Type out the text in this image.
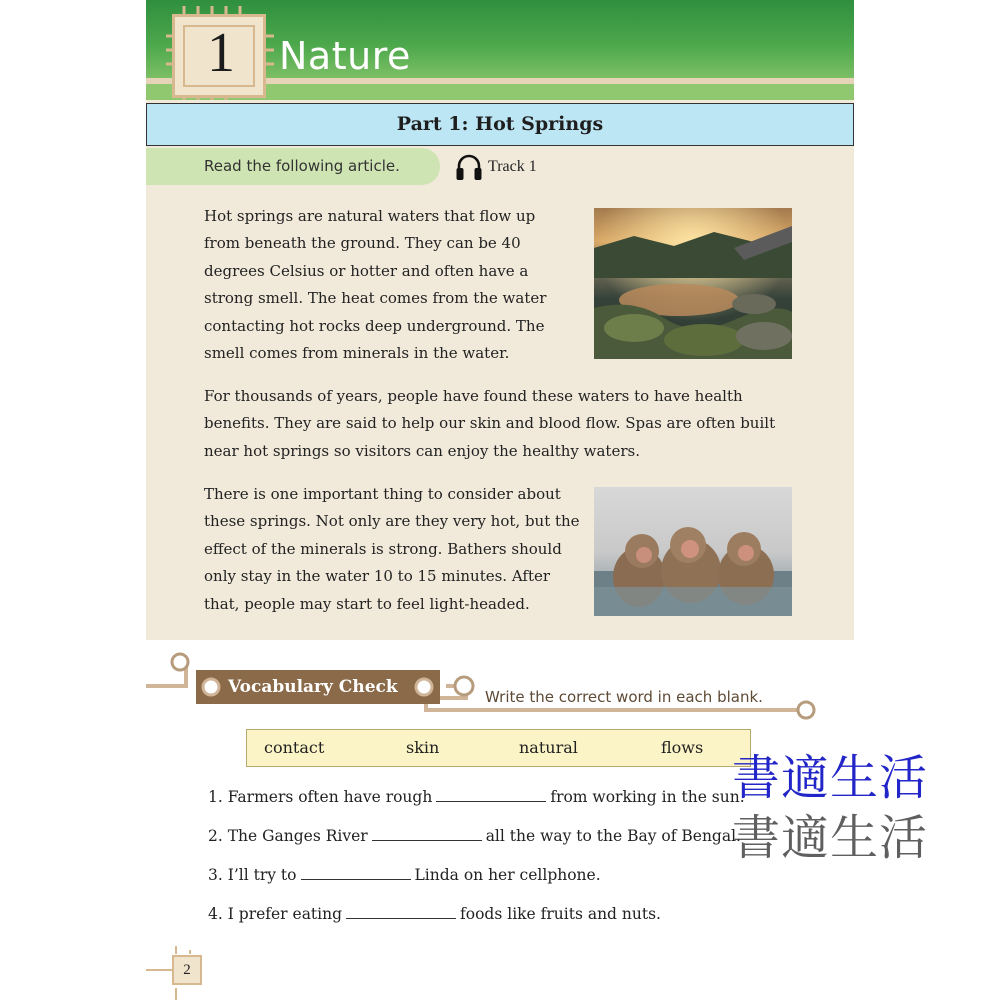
1 Nature
Part 1: Hot Springs
Read the following article.	Track 1
Hot springs are natural waters that flow up from beneath the ground. They can be 40 degrees Celsius or hotter and often have a strong smell. The heat comes from the water contacting hot rocks deep underground. The smell comes from minerals in the water.
For thousands of years, people have found these waters to have health benefits. They are said to help our skin and blood flow. Spas are often built near hot springs so visitors can enjoy the healthy waters.
There is one important thing to consider about these springs. Not only are they very hot, but the effect of the minerals is strong. Bathers should only stay in the water 10 to 15 minutes. After that, people may start to feel light-headed.
Vocabulary Check	Write the correct word in each blank.
contact	skin	natural	flows
1. Farmers often have rough	from working in the sun.
2. The Ganges River	all the way to the Bay of Bengal.
3. I’ll try to	Linda on her cellphone.
4. I prefer eating	foods like fruits and nuts.
書適生活
書適生活
2
